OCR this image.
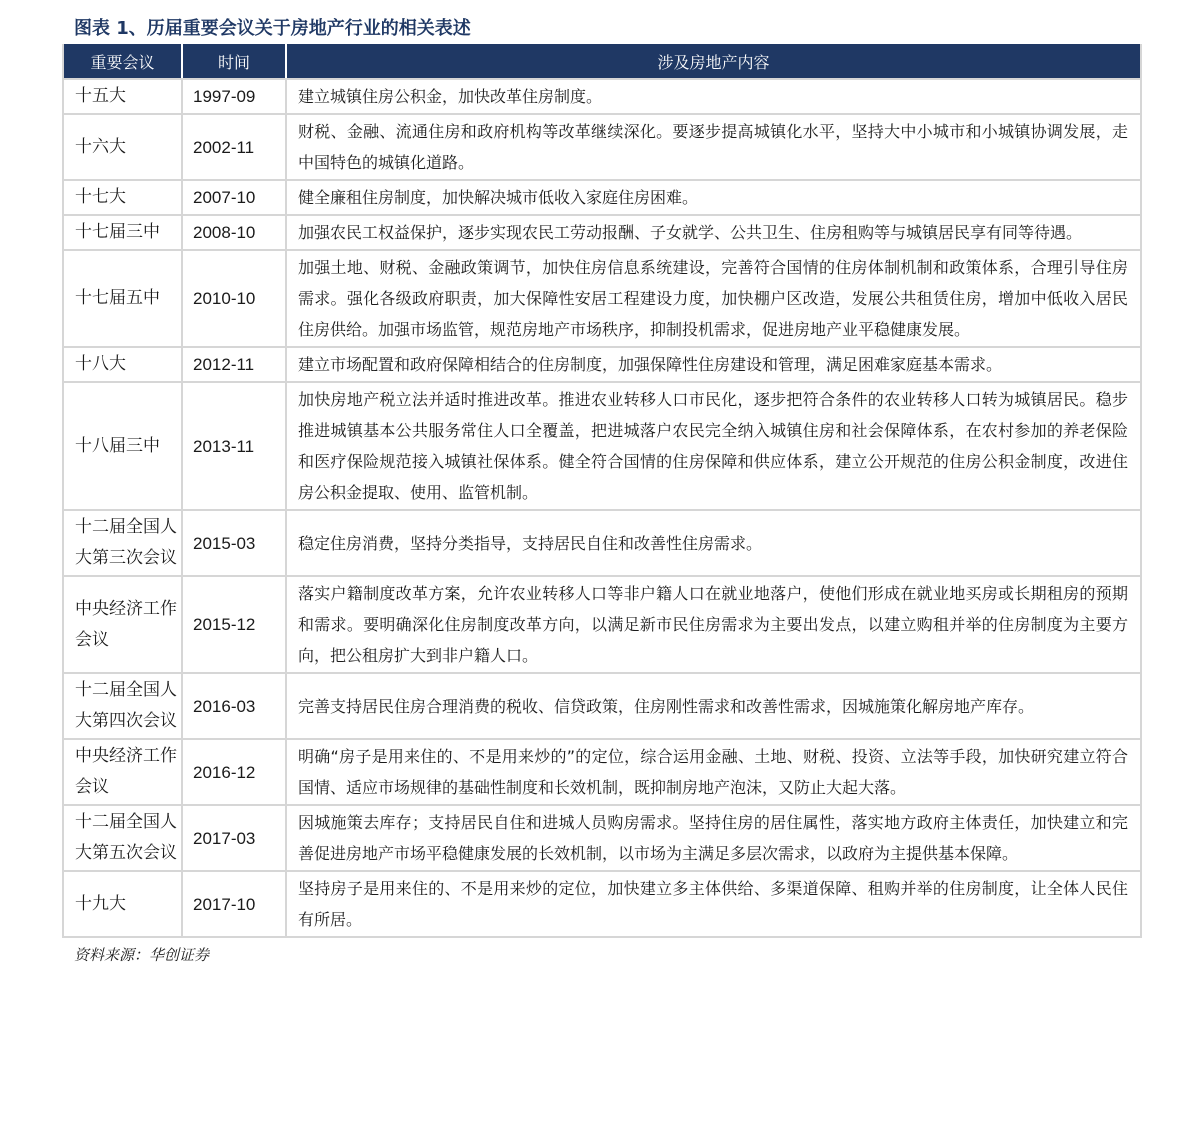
图表 1、历届重要会议关于房地产行业的相关表述
重要会议	时间	涉及房地产内容
十五大	1997-09	建立城镇住房公积金，加快改革住房制度。
十六大	2002-11	财税、金融、流通住房和政府机构等改革继续深化。要逐步提高城镇化水平，坚持大中小城市和小城镇协调发展，走中国特色的城镇化道路。
十七大	2007-10	健全廉租住房制度，加快解决城市低收入家庭住房困难。
十七届三中	2008-10	加强农民工权益保护，逐步实现农民工劳动报酬、子女就学、公共卫生、住房租购等与城镇居民享有同等待遇。
十七届五中	2010-10	加强土地、财税、金融政策调节，加快住房信息系统建设，完善符合国情的住房体制机制和政策体系，合理引导住房需求。强化各级政府职责，加大保障性安居工程建设力度，加快棚户区改造，发展公共租赁住房，增加中低收入居民住房供给。加强市场监管，规范房地产市场秩序，抑制投机需求，促进房地产业平稳健康发展。
十八大	2012-11	建立市场配置和政府保障相结合的住房制度，加强保障性住房建设和管理，满足困难家庭基本需求。
十八届三中	2013-11	加快房地产税立法并适时推进改革。推进农业转移人口市民化，逐步把符合条件的农业转移人口转为城镇居民。稳步推进城镇基本公共服务常住人口全覆盖，把进城落户农民完全纳入城镇住房和社会保障体系，在农村参加的养老保险和医疗保险规范接入城镇社保体系。健全符合国情的住房保障和供应体系，建立公开规范的住房公积金制度，改进住房公积金提取、使用、监管机制。
十二届全国人大第三次会议	2015-03	稳定住房消费，坚持分类指导，支持居民自住和改善性住房需求。
中央经济工作会议	2015-12	落实户籍制度改革方案，允许农业转移人口等非户籍人口在就业地落户，使他们形成在就业地买房或长期租房的预期和需求。要明确深化住房制度改革方向，以满足新市民住房需求为主要出发点，以建立购租并举的住房制度为主要方向，把公租房扩大到非户籍人口。
十二届全国人大第四次会议	2016-03	完善支持居民住房合理消费的税收、信贷政策，住房刚性需求和改善性需求，因城施策化解房地产库存。
中央经济工作会议	2016-12	明确“房子是用来住的、不是用来炒的”的定位，综合运用金融、土地、财税、投资、立法等手段，加快研究建立符合国情、适应市场规律的基础性制度和长效机制，既抑制房地产泡沫，又防止大起大落。
十二届全国人大第五次会议	2017-03	因城施策去库存；支持居民自住和进城人员购房需求。坚持住房的居住属性，落实地方政府主体责任，加快建立和完善促进房地产市场平稳健康发展的长效机制，以市场为主满足多层次需求，以政府为主提供基本保障。
十九大	2017-10	坚持房子是用来住的、不是用来炒的定位，加快建立多主体供给、多渠道保障、租购并举的住房制度，让全体人民住有所居。
资料来源：华创证券
